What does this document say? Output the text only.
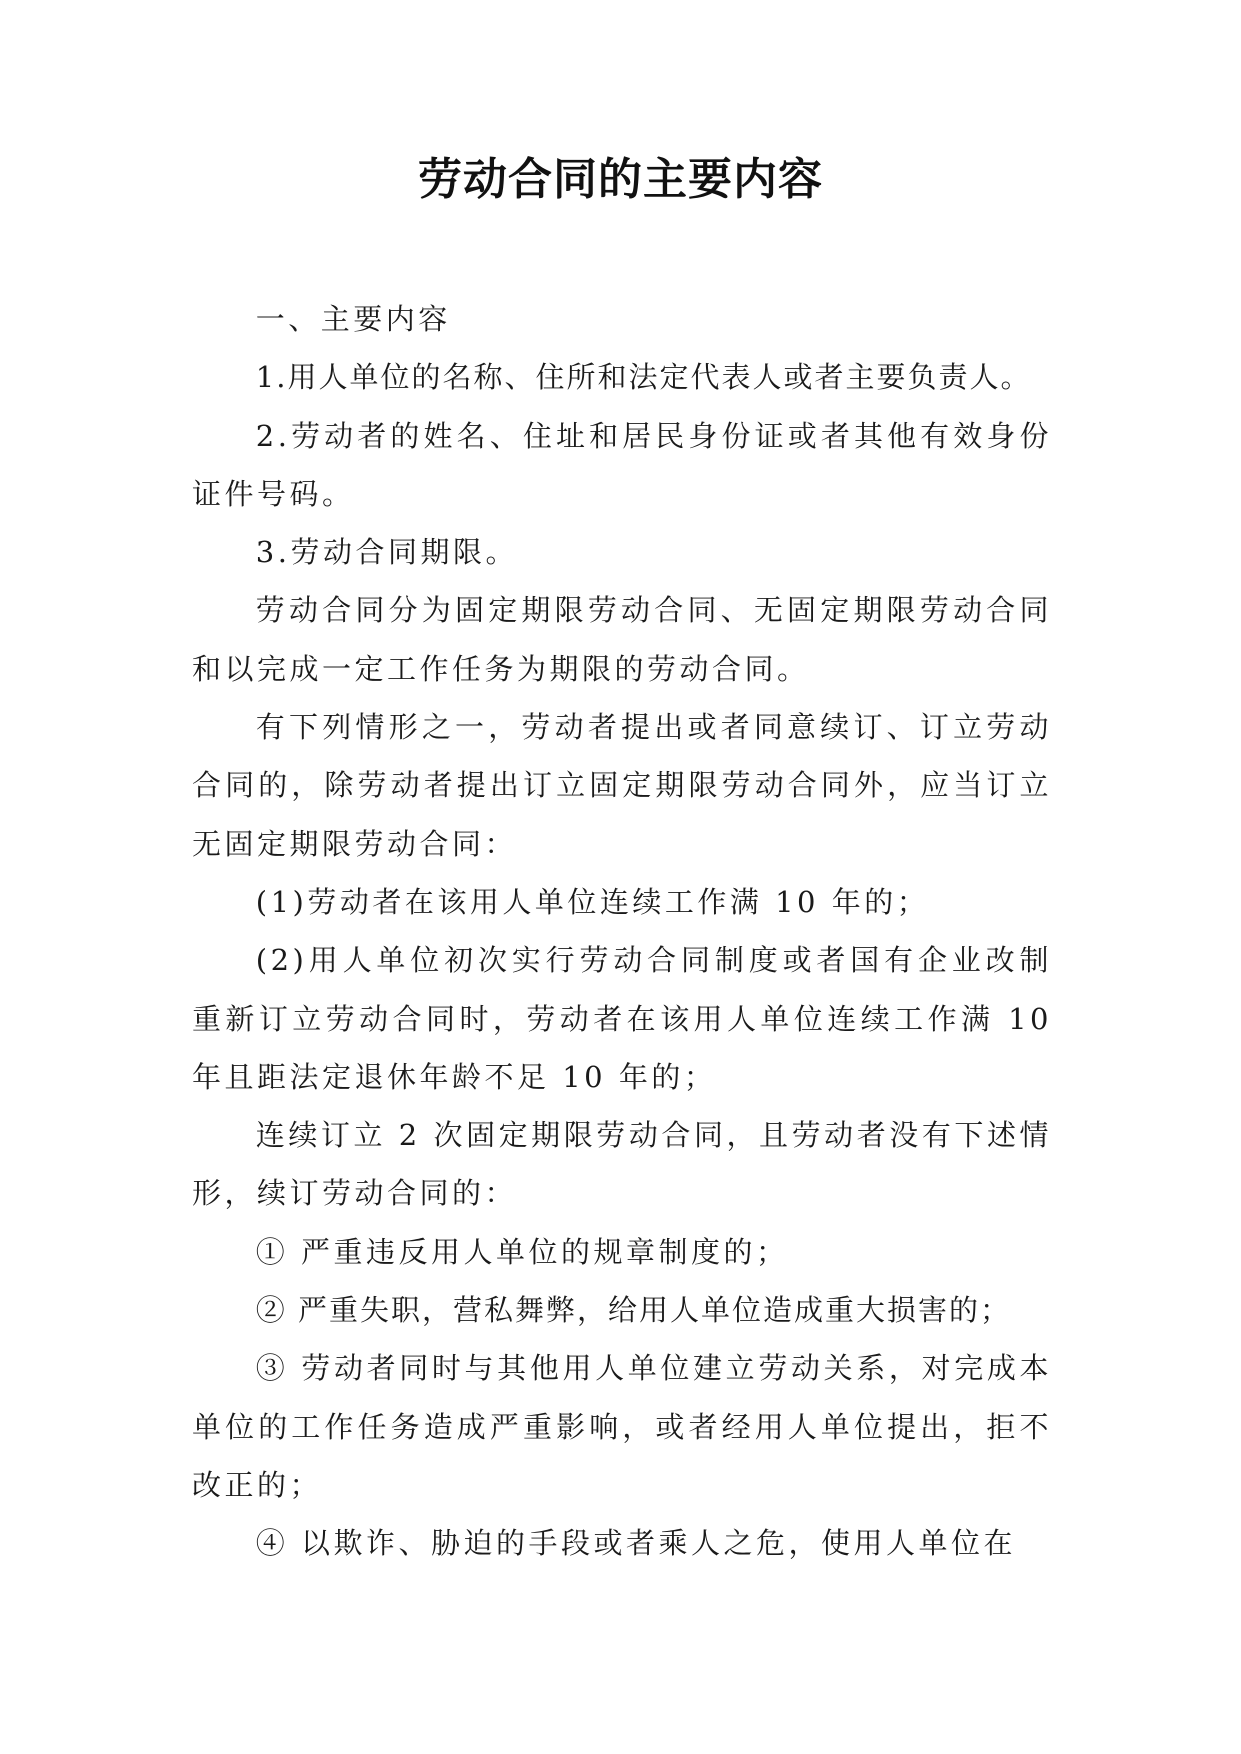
劳动合同的主要内容

一、主要内容

1.用人单位的名称、住所和法定代表人或者主要负责人。

2.劳动者的姓名、住址和居民身份证或者其他有效身份证件号码。

3.劳动合同期限。

劳动合同分为固定期限劳动合同、无固定期限劳动合同和以完成一定工作任务为期限的劳动合同。

有下列情形之一，劳动者提出或者同意续订、订立劳动合同的，除劳动者提出订立固定期限劳动合同外，应当订立无固定期限劳动合同：

(1)劳动者在该用人单位连续工作满 10 年的；

(2)用人单位初次实行劳动合同制度或者国有企业改制重新订立劳动合同时，劳动者在该用人单位连续工作满 10 年且距法定退休年龄不足 10 年的；

连续订立 2 次固定期限劳动合同，且劳动者没有下述情形，续订劳动合同的：

① 严重违反用人单位的规章制度的；

② 严重失职，营私舞弊，给用人单位造成重大损害的；

③ 劳动者同时与其他用人单位建立劳动关系，对完成本单位的工作任务造成严重影响，或者经用人单位提出，拒不改正的；

④ 以欺诈、胁迫的手段或者乘人之危，使用人单位在
